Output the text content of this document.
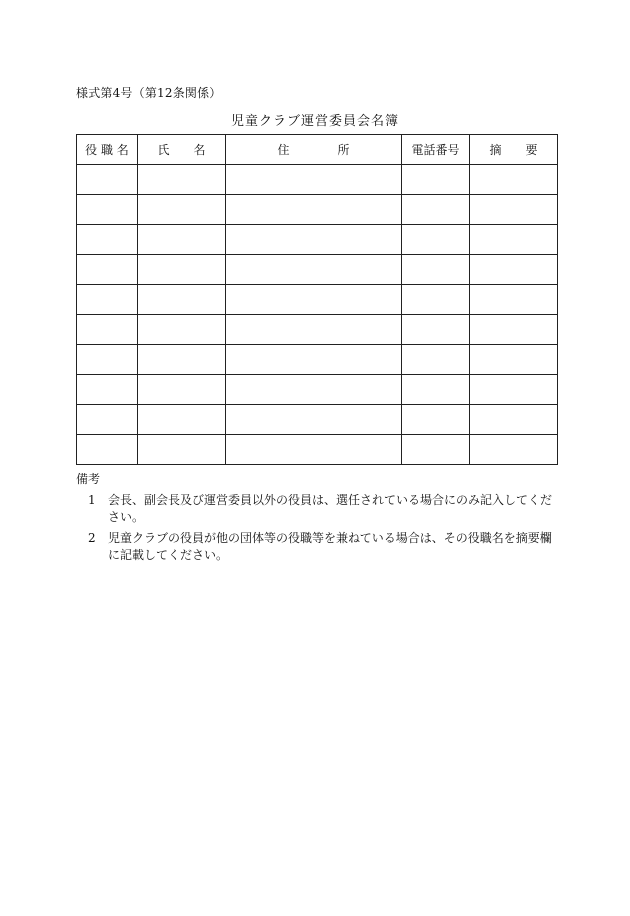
様式第4号（第12条関係）
児童クラブ運営委員会名簿
役 職 名	氏　　名	住　　　　所	電話番号	摘　　要

備考
1	会長、副会長及び運営委員以外の役員は、選任されている場合にのみ記入してください。
2	児童クラブの役員が他の団体等の役職等を兼ねている場合は、その役職名を摘要欄に記載してください。
